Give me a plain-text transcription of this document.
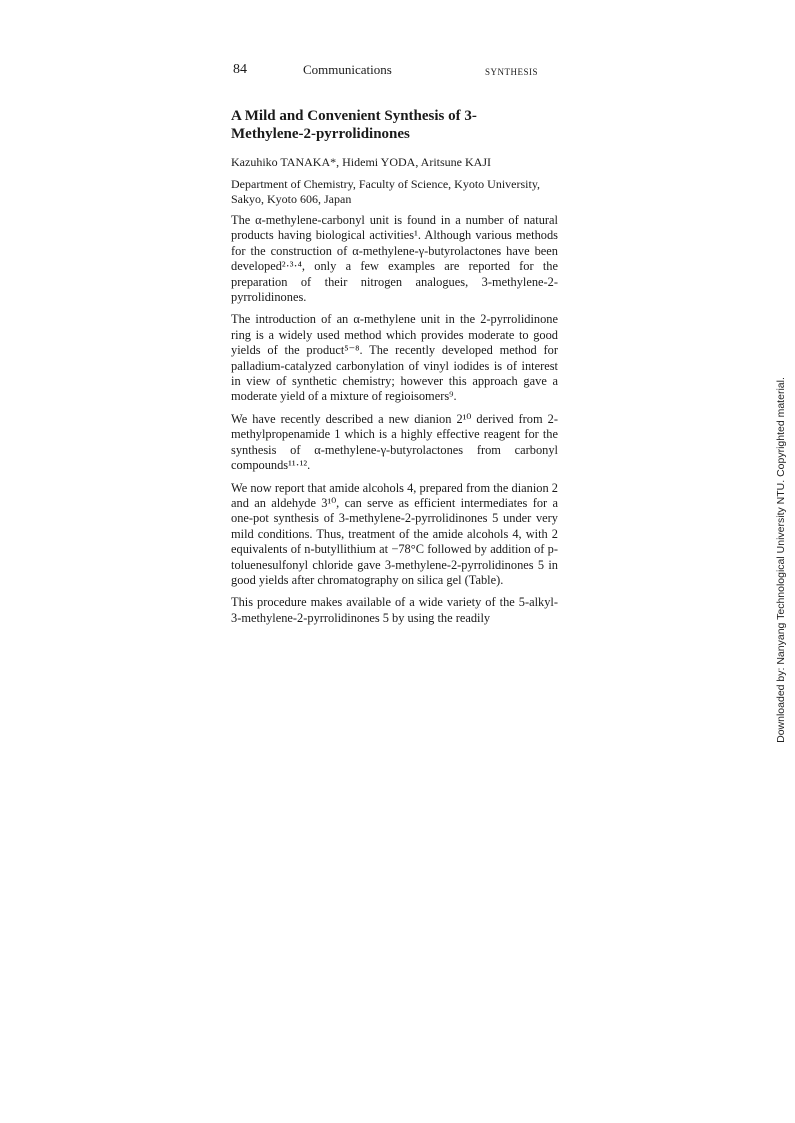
84	Communications	SYNTHESIS
A Mild and Convenient Synthesis of 3-Methylene-2-pyrrolidinones
Kazuhiko TANAKA*, Hidemi YODA, Aritsune KAJI
Department of Chemistry, Faculty of Science, Kyoto University, Sakyo, Kyoto 606, Japan

The α-methylene-carbonyl unit is found in a number of natural products having biological activities¹. Although various methods for the construction of α-methylene-γ-butyrolactones have been developed²·³·⁴, only a few examples are reported for the preparation of their nitrogen analogues, 3-methylene-2-pyrrolidinones.

The introduction of an α-methylene unit in the 2-pyrrolidinone ring is a widely used method which provides moderate to good yields of the product⁵⁻⁸. The recently developed method for palladium-catalyzed carbonylation of vinyl iodides is of interest in view of synthetic chemistry; however this approach gave a moderate yield of a mixture of regioisomers⁹.

We have recently described a new dianion 2¹⁰ derived from 2-methylpropenamide 1 which is a highly effective reagent for the synthesis of α-methylene-γ-butyrolactones from carbonyl compounds¹¹·¹².

We now report that amide alcohols 4, prepared from the dianion 2 and an aldehyde 3¹⁰, can serve as efficient intermediates for a one-pot synthesis of 3-methylene-2-pyrrolidinones 5 under very mild conditions. Thus, treatment of the amide alcohols 4, with 2 equivalents of n-butyllithium at −78°C followed by addition of p-toluenesulfonyl chloride gave 3-methylene-2-pyrrolidinones 5 in good yields after chromatography on silica gel (Table).

This procedure makes available of a wide variety of the 5-alkyl-3-methylene-2-pyrrolidinones 5 by using the readily	Downloaded by: Nanyang Technological University NTU. Copyrighted material.
